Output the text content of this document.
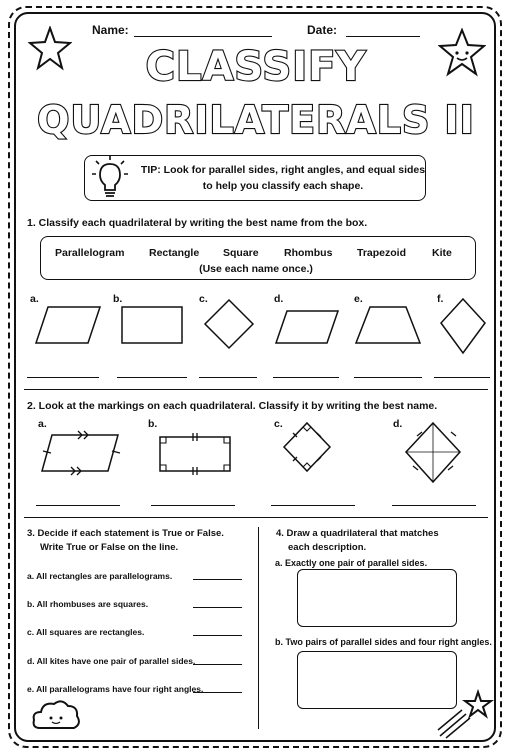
Name:	Date:
CLASSIFY
QUADRILATERALS II
TIP: Look for parallel sides, right angles, and equal sides
to help you classify each shape.
1. Classify each quadrilateral by writing the best name from the box.
Parallelogram Rectangle Square Rhombus Trapezoid Kite
(Use each name once.)
a.	b.	c.	d.	e.	f.
2. Look at the markings on each quadrilateral. Classify it by writing the best name.
a.	b.	c.	d.
3. Decide if each statement is True or False.
Write True or False on the line.
a. All rectangles are parallelograms.
b. All rhombuses are squares.
c. All squares are rectangles.
d. All kites have one pair of parallel sides.
e. All parallelograms have four right angles.
4. Draw a quadrilateral that matches
each description.
a. Exactly one pair of parallel sides.
b. Two pairs of parallel sides and four right angles.
